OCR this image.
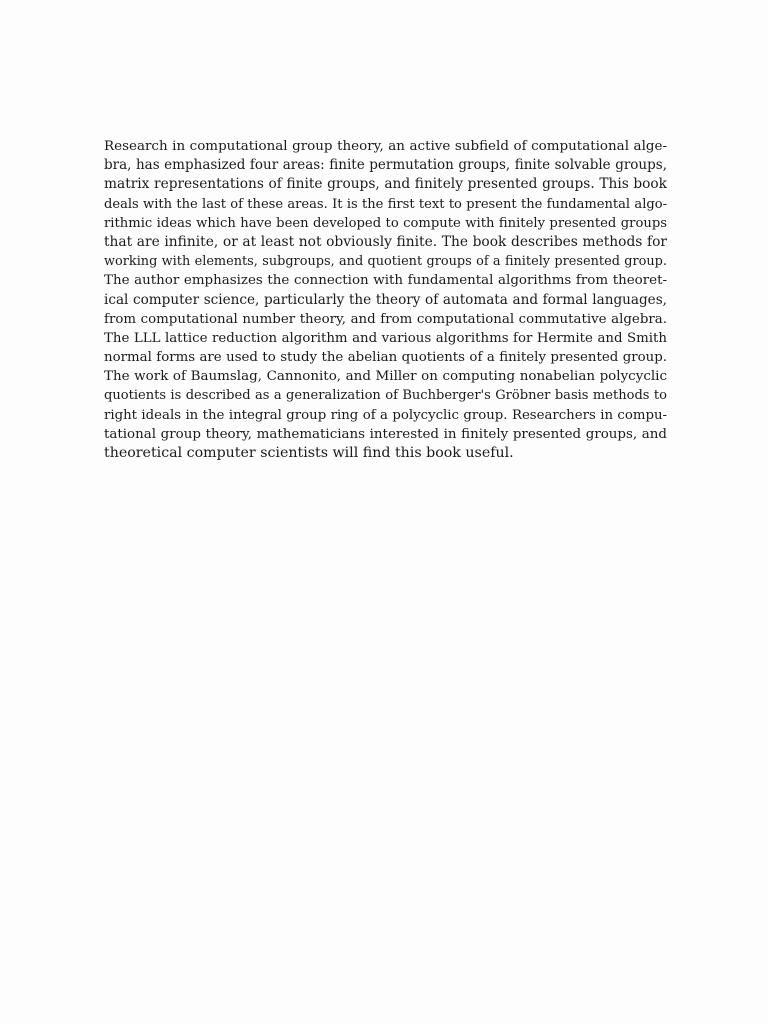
Research in computational group theory, an active subfield of computational alge-
bra, has emphasized four areas: finite permutation groups, finite solvable groups,
matrix representations of finite groups, and finitely presented groups. This book
deals with the last of these areas. It is the first text to present the fundamental algo-
rithmic ideas which have been developed to compute with finitely presented groups
that are infinite, or at least not obviously finite. The book describes methods for
working with elements, subgroups, and quotient groups of a finitely presented group.
The author emphasizes the connection with fundamental algorithms from theoret-
ical computer science, particularly the theory of automata and formal languages,
from computational number theory, and from computational commutative algebra.
The LLL lattice reduction algorithm and various algorithms for Hermite and Smith
normal forms are used to study the abelian quotients of a finitely presented group.
The work of Baumslag, Cannonito, and Miller on computing nonabelian polycyclic
quotients is described as a generalization of Buchberger's Gröbner basis methods to
right ideals in the integral group ring of a polycyclic group. Researchers in compu-
tational group theory, mathematicians interested in finitely presented groups, and
theoretical computer scientists will find this book useful.
